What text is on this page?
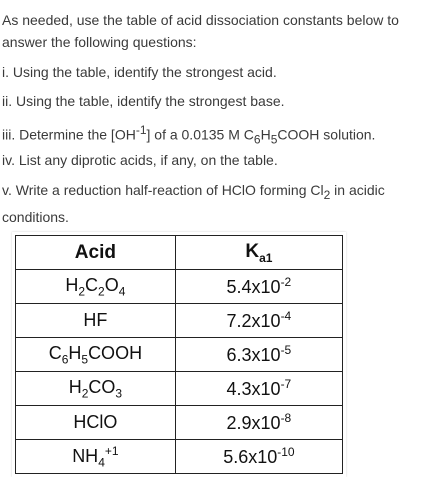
As needed, use the table of acid dissociation constants below to answer the following questions:
i. Using the table, identify the strongest acid.
ii. Using the table, identify the strongest base.
iii. Determine the $[OH^{-1}]$ of a 0.0135 M $C_6H_5COOH$ solution.
iv. List any diprotic acids, if any, on the table.
v. Write a reduction half-reaction of HClO forming $Cl_2$ in acidic conditions.
Acid	$K_{a1}$
$H_2C_2O_4$	$5.4x10^{-2}$
HF	$7.2x10^{-4}$
$C_6H_5COOH$	$6.3x10^{-5}$
$H_2CO_3$	$4.3x10^{-7}$
HClO	$2.9x10^{-8}$
$NH_4^{+1}$	$5.6x10^{-10}$
